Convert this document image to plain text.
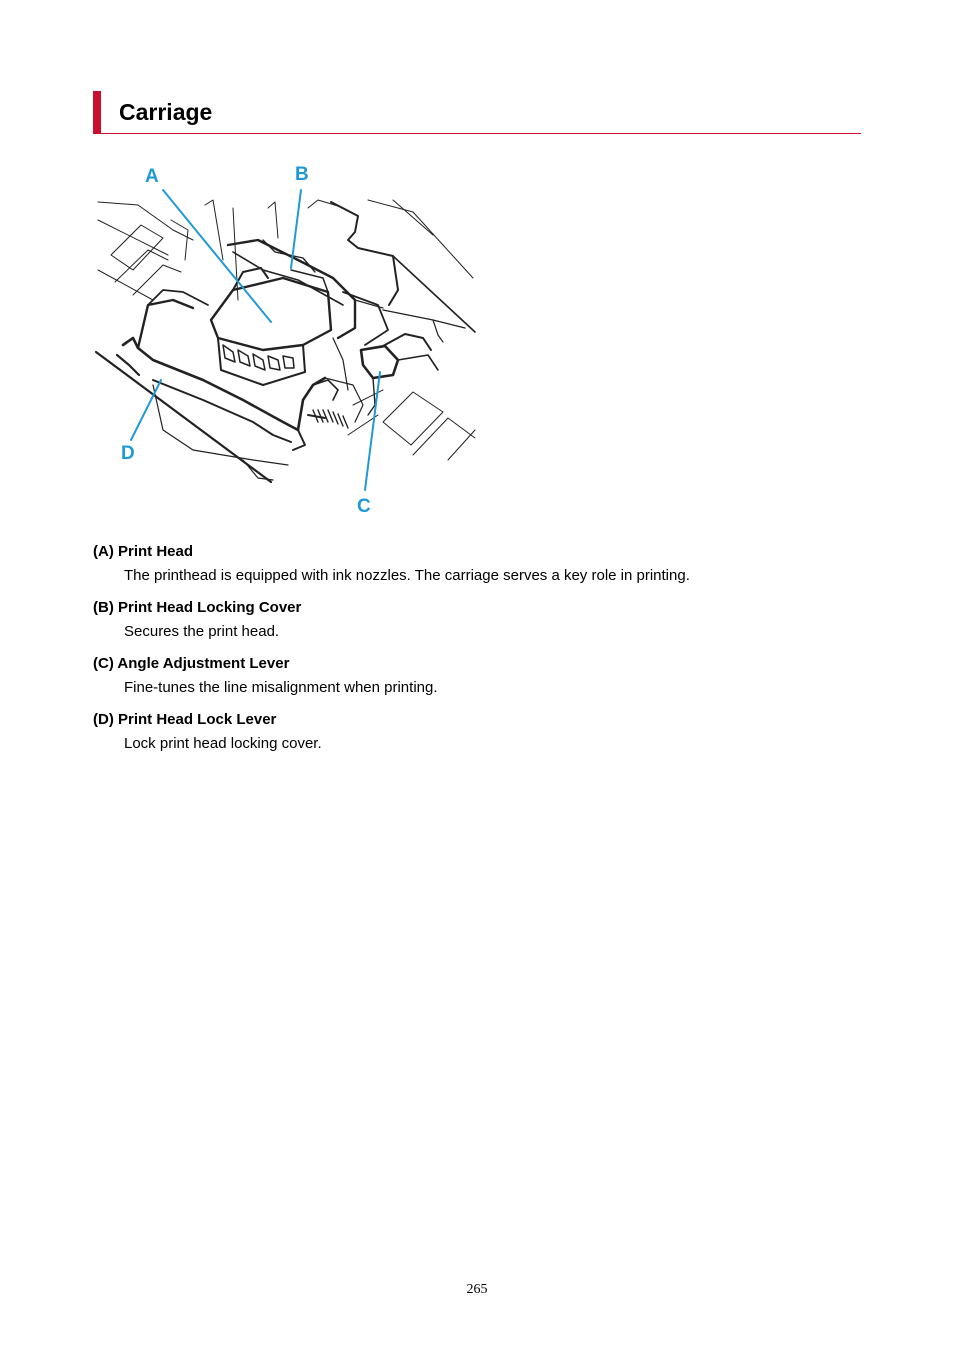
Carriage
A	B
C
D
(A) Print Head
The printhead is equipped with ink nozzles. The carriage serves a key role in printing.
(B) Print Head Locking Cover
Secures the print head.
(C) Angle Adjustment Lever
Fine-tunes the line misalignment when printing.
(D) Print Head Lock Lever
Lock print head locking cover.
265
